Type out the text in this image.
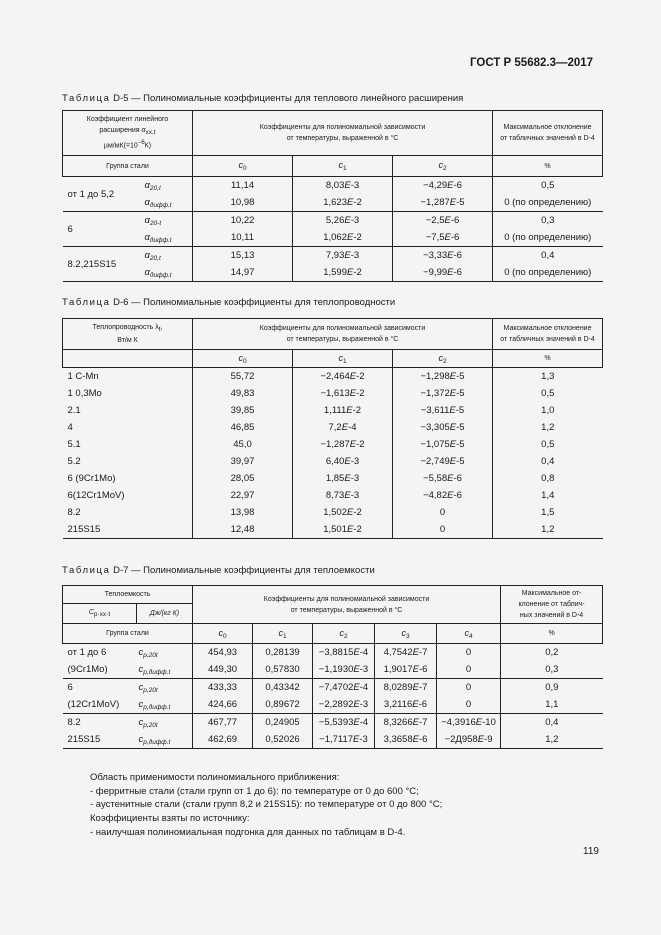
ГОСТ Р 55682.3—2017
Таблица D-5 — Полиномиальные коэффициенты для теплового линейного расширения
Коэффициент линейного
расширения αxx,t
$\mu м/мК(=10^{-6}К)$		Коэффициенты для полиномиальной зависимости
от температуры, выраженной в °С			Максимальное отклонение
от табличных значений в D-4
Группа стали		$c_0$	$c_1$	$c_2$	%
от 1 до 5,2	$\alpha_{20,t}$	11,14	8,03E-3	−4,29E-6	0,5
	$\alpha_{дифф.t}$	10,98	1,623E-2	−1,287E-5	0 (по определению)
6	$\alpha_{20-t}$	10,22	5,26E-3	−2,5E-6	0,3
	$\alpha_{дифф.t}$	10,11	1,062E-2	−7,5E-6	0 (по определению)
8.2,215S15	$\alpha_{20,t}$	15,13	7,93E-3	−3,33E-6	0,4
	$\alpha_{дифф.t}$	14,97	1,599E-2	−9,99E-6	0 (по определению)
Таблица D-6 — Полиномиальные коэффициенты для теплопроводности
Теплопроводность λt,
Вт/м К	Коэффициенты для полиномиальной зависимости
от температуры, выраженной в °С			Максимальное отклонение
от табличных значений в D-4
	$c_0$	$c_1$	$c_2$	%
1 C-Mn	55,72	−2,464E-2	−1,298E-5	1,3
1 0,3Mo	49,83	−1,613E-2	−1,372E-5	0,5
2.1	39,85	1,111E-2	−3,611E-5	1,0
4	46,85	7,2E-4	−3,305E-5	1,2
5.1	45,0	−1,287E-2	−1,075E-5	0,5
5.2	39,97	6,40E-3	−2,749E-5	0,4
6 (9Cr1Mo)	28,05	1,85E-3	−5,58E-6	0,8
6(12Cr1MoV)	22,97	8,73E-3	−4,82E-6	1,4
8.2	13,98	1,502E-2	0	1,5
215S15	12,48	1,501E-2	0	1,2
Таблица D-7 — Полиномиальные коэффициенты для теплоемкости
Теплоемкость		Коэффициенты для полиномиальной зависимости
от температуры, выраженной в °С					Максимальное от-
клонение от таблич-
ных значений в D-4
Cp·xx·t	Дж/(кг К)						
Группа стали		$c_0$	$c_1$	$c_2$	$c_3$	$c_4$	%
от 1 до 6	$c_{p,20t}$	454,93	0,28139	−3,8815E-4	4,7542E-7	0	0,2
(9Cr1Mo)	$c_{p,дифф.t}$	449,30	0,57830	−1,1930E-3	1,9017E-6	0	0,3
6	$c_{p,20t}$	433,33	0,43342	−7,4702E-4	8,0289E-7	0	0,9
(12Cr1MoV)	$c_{p,дифф.t}$	424,66	0,89672	−2,2892E-3	3,2116E-6	0	1,1
8.2	$c_{p,20t}$	467,77	0,24905	−5,5393E-4	8,3266E-7	−4,3916E-10	0,4
215S15	$c_{p,дифф.t}$	462,69	0,52026	−1,7117E-3	3,3658E-6	−2Д958E-9	1,2
Область применимости полиномиального приближения:
- ферритные стали (стали групп от 1 до 6): по температуре от 0 до 600 °С;
- аустенитные стали (стали групп 8,2 и 215S15): по температуре от 0 до 800 °С;
Коэффициенты взяты по источнику:
- наилучшая полиномиальная подгонка для данных по таблицам в D-4.
119
